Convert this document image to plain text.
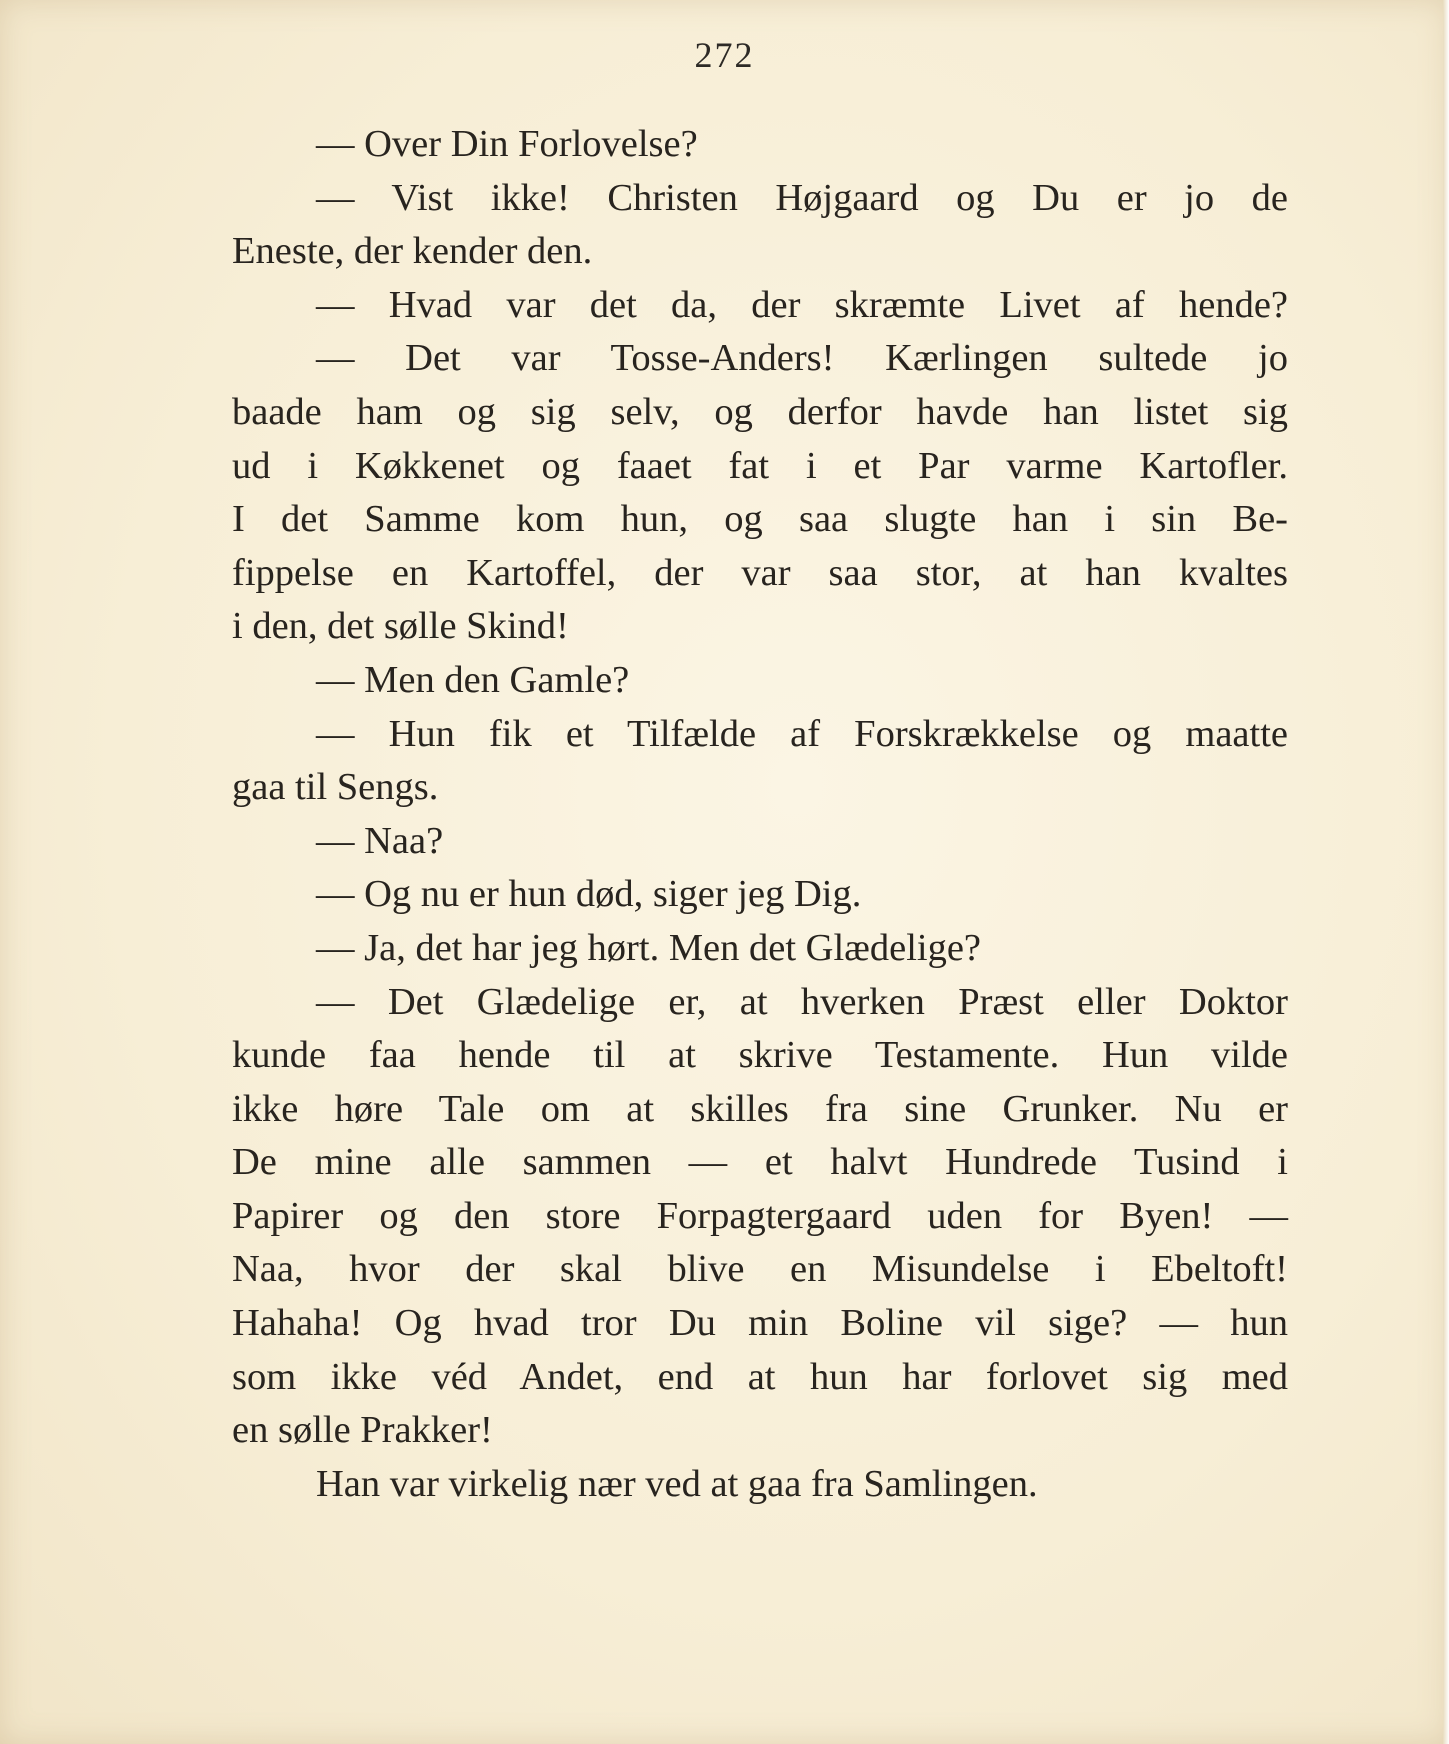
272
— Over Din Forlovelse?
— Vist ikke! Christen Højgaard og Du er jo de
Eneste, der kender den.
— Hvad var det da, der skræmte Livet af hende?
— Det var Tosse-Anders! Kærlingen sultede jo
baade ham og sig selv, og derfor havde han listet sig
ud i Køkkenet og faaet fat i et Par varme Kartofler.
I det Samme kom hun, og saa slugte han i sin Be-
fippelse en Kartoffel, der var saa stor, at han kvaltes
i den, det sølle Skind!
— Men den Gamle?
— Hun fik et Tilfælde af Forskrækkelse og maatte
gaa til Sengs.
— Naa?
— Og nu er hun død, siger jeg Dig.
— Ja, det har jeg hørt. Men det Glædelige?
— Det Glædelige er, at hverken Præst eller Doktor
kunde faa hende til at skrive Testamente. Hun vilde
ikke høre Tale om at skilles fra sine Grunker. Nu er
De mine alle sammen — et halvt Hundrede Tusind i
Papirer og den store Forpagtergaard uden for Byen! —
Naa, hvor der skal blive en Misundelse i Ebeltoft!
Hahaha! Og hvad tror Du min Boline vil sige? — hun
som ikke véd Andet, end at hun har forlovet sig med
en sølle Prakker!
Han var virkelig nær ved at gaa fra Samlingen.
